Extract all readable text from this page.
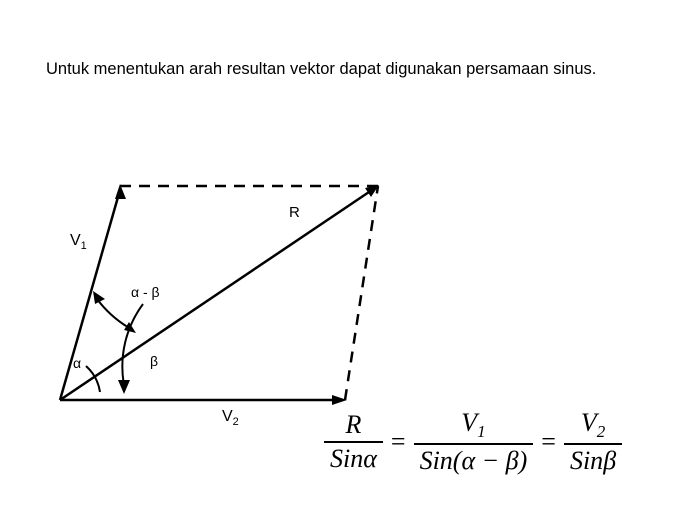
Untuk menentukan arah resultan vektor dapat digunakan persamaan sinus.
$V_1$
$V_2$
R
α	β
α - β
$\frac{R}{\text{Sinα}} = \frac{V_1}{\text{Sin(α − β)}} = \frac{V_2}{\text{Sinβ}}$
